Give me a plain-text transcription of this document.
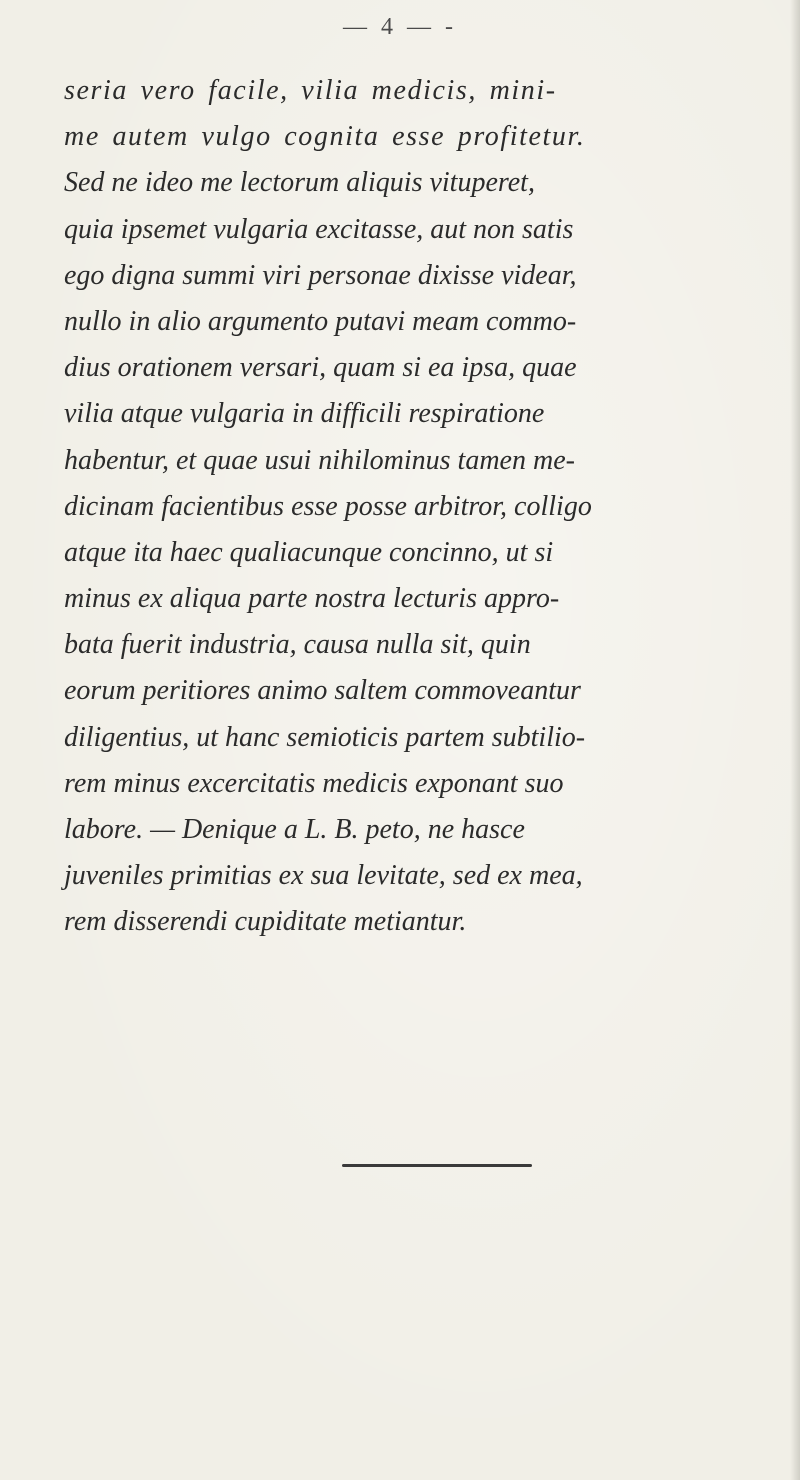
— 4 — -
seria vero facile, vilia medicis, mini-
me autem vulgo cognita esse profitetur.
Sed ne ideo me lectorum aliquis vituperet,
quia ipsemet vulgaria excitasse, aut non satis
ego digna summi viri personae dixisse videar,
nullo in alio argumento putavi meam commo-
dius orationem versari, quam si ea ipsa, quae
vilia atque vulgaria in difficili respiratione
habentur, et quae usui nihilominus tamen me-
dicinam facientibus esse posse arbitror, colligo
atque ita haec qualiacunque concinno, ut si
minus ex aliqua parte nostra lecturis appro-
bata fuerit industria, causa nulla sit, quin
eorum peritiores animo saltem commoveantur
diligentius, ut hanc semioticis partem subtilio-
rem minus excercitatis medicis exponant suo
labore. — Denique a L. B. peto, ne hasce
juveniles primitias ex sua levitate, sed ex mea,
rem disserendi cupiditate metiantur.
